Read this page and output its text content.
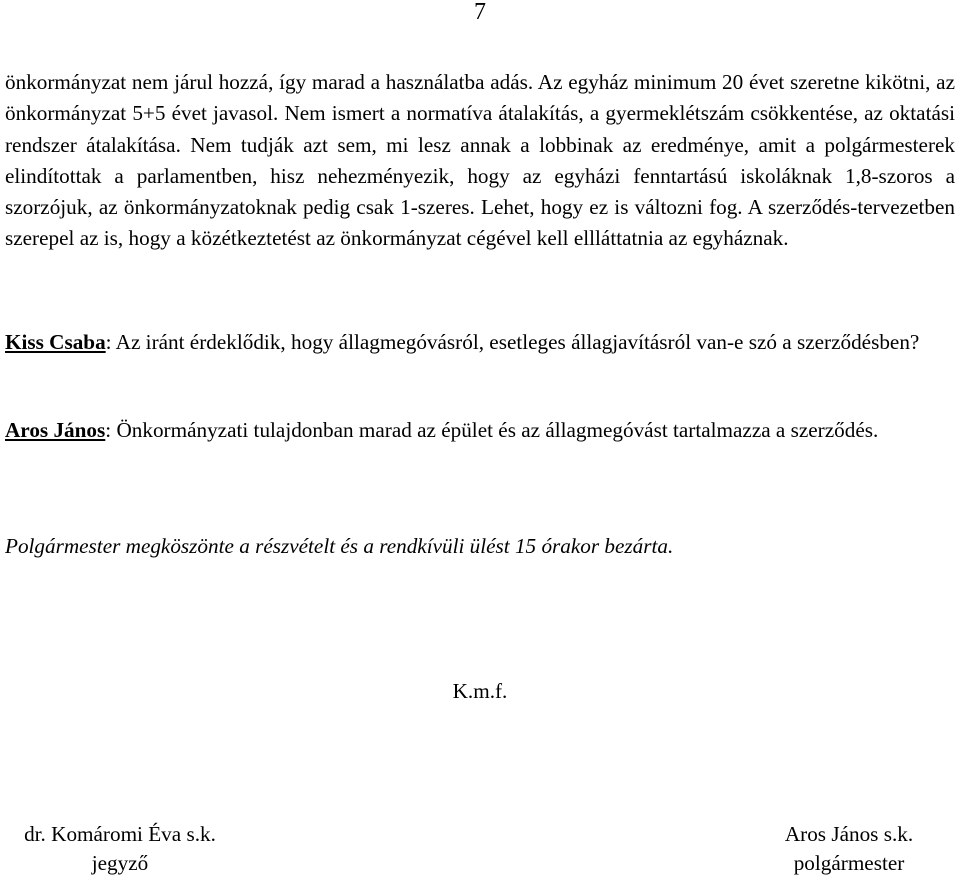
7

önkormányzat nem járul hozzá, így marad a használatba adás. Az egyház minimum 20 évet szeretne kikötni, az önkormányzat 5+5 évet javasol. Nem ismert a normatíva átalakítás, a gyermeklétszám csökkentése, az oktatási rendszer átalakítása. Nem tudják azt sem, mi lesz annak a lobbinak az eredménye, amit a polgármesterek elindítottak a parlamentben, hisz nehezményezik, hogy az egyházi fenntartású iskoláknak 1,8-szoros a szorzójuk, az önkormányzatoknak pedig csak 1-szeres. Lehet, hogy ez is változni fog. A szerződés-tervezetben szerepel az is, hogy a közétkeztetést az önkormányzat cégével kell ellláttatnia az egyháznak.

Kiss Csaba: Az iránt érdeklődik, hogy állagmegóvásról, esetleges állagjavításról van-e szó a szerződésben?

Aros János: Önkormányzati tulajdonban marad az épület és az állagmegóvást tartalmazza a szerződés.

Polgármester megköszönte a részvételt és a rendkívüli ülést 15 órakor bezárta.

K.m.f.
dr. Komáromi Éva s.k.
jegyző
Aros János s.k.
polgármester
